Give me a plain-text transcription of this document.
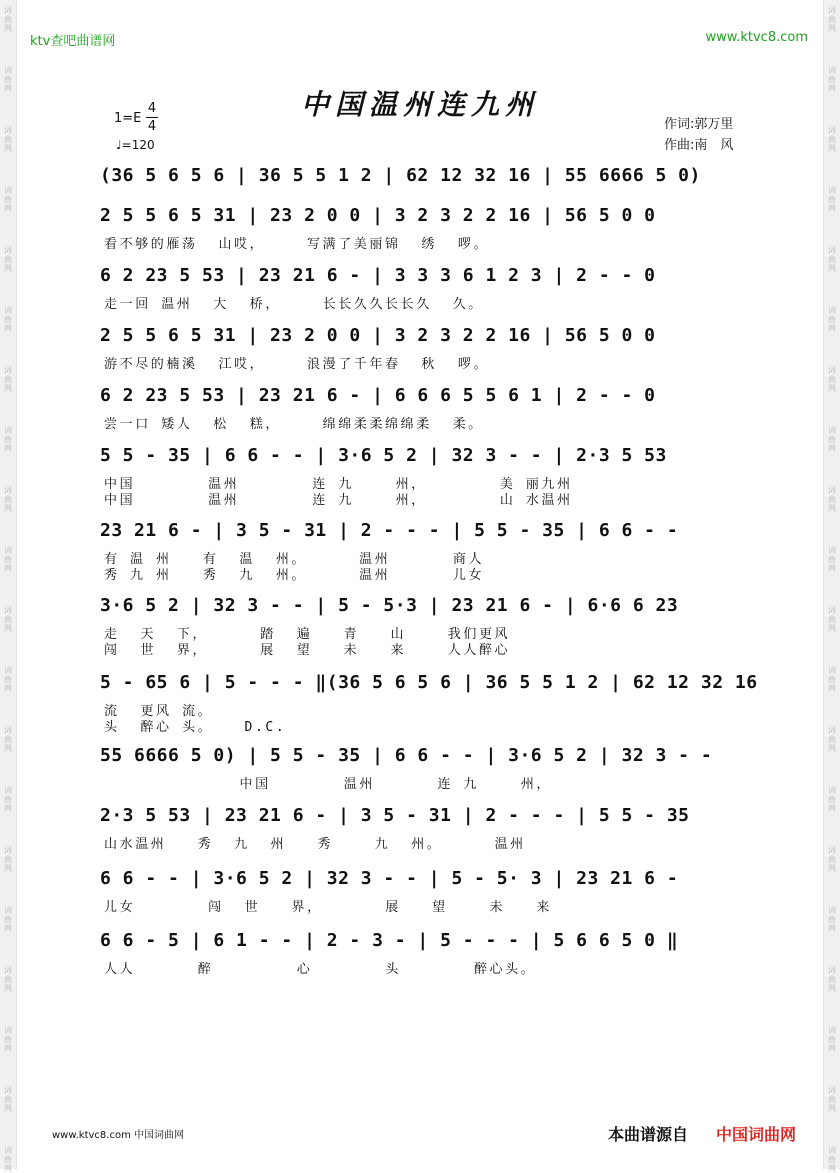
词
曲
网
词
曲
网
词
曲
网
词
曲
网
词
曲
网
词
曲
网
词
曲
网
词
曲
网
词
曲
网
词
曲
网
词
曲
网
词
曲
网
词
曲
网
词
曲
网
词
曲
网
词
曲
网
词
曲
网
词
曲
网
词
曲
网
词
曲
网
词
曲
网
词
曲
网
词
曲
网
词
曲
网
词
曲
网
词
曲
网
词
曲
网
词
曲
网
词
曲
网
词
曲
网
词
曲
网
词
曲
网
词
曲
网
词
曲
网
词
曲
网
词
曲
网
词
曲
网
词
曲
网
词
曲
网
词
曲
网
ktv查吧曲谱网	www.ktvc8.com
中国温州连九州
1=E
4
4
♩=120
作词:郭万里
作曲:南　风
(36 5 6 5 6 | 36 5 5 1 2 | 62 12 32 16 | 55 6666 5 0)
2 5 5 6 5 31 | 23 2 0 0 | 3 2 3 2 2 16 | 56 5 0 0
看不够的雁荡  山哎，    写满了美丽锦  绣  啰。
6 2 23 5 53 | 23 21 6 - | 3 3 3 6 1 2 3 | 2 - - 0
走一回 温州  大  桥，    长长久久长长久  久。
2 5 5 6 5 31 | 23 2 0 0 | 3 2 3 2 2 16 | 56 5 0 0
游不尽的楠溪  江哎，    浪漫了千年春  秋  啰。
6 2 23 5 53 | 23 21 6 - | 6 6 6 5 5 6 1 | 2 - - 0
尝一口 矮人  松  糕，    绵绵柔柔绵绵柔  柔。
5 5 - 35 | 6 6 - - | 3·6 5 2 | 32 3 - - | 2·3 5 53
中国       温州       连 九    州，       美 丽九州
中国       温州       连 九    州，       山 水温州
23 21 6 - | 3 5 - 31 | 2 - - - | 5 5 - 35 | 6 6 - -
有 温 州   有  温  州。     温州      商人
秀 九 州   秀  九  州。     温州      儿女
3·6 5 2 | 32 3 - - | 5 - 5·3 | 23 21 6 - | 6·6 6 23
走  天  下，     踏  遍   青   山    我们更风
闯  世  界，     展  望   未   来    人人醉心
5 - 65 6 | 5 - - - ‖(36 5 6 5 6 | 36 5 5 1 2 | 62 12 32 16
流  更风 流。
头  醉心 头。   D.C.
55 6666 5 0) | 5 5 - 35 | 6 6 - - | 3·6 5 2 | 32 3 - -
中国       温州      连 九    州，
2·3 5 53 | 23 21 6 - | 3 5 - 31 | 2 - - - | 5 5 - 35
山水温州   秀  九  州   秀    九  州。     温州
6 6 - - | 3·6 5 2 | 32 3 - - | 5 - 5· 3 | 23 21 6 -
儿女       闯  世   界，      展   望    未   来
6 6 - 5 | 6 1 - - | 2 - 3 - | 5 - - - | 5 6 6 5 0 ‖
人人      醉        心       头       醉心头。
www.ktvc8.com 中国词曲网	本曲谱源自 中国词曲网
